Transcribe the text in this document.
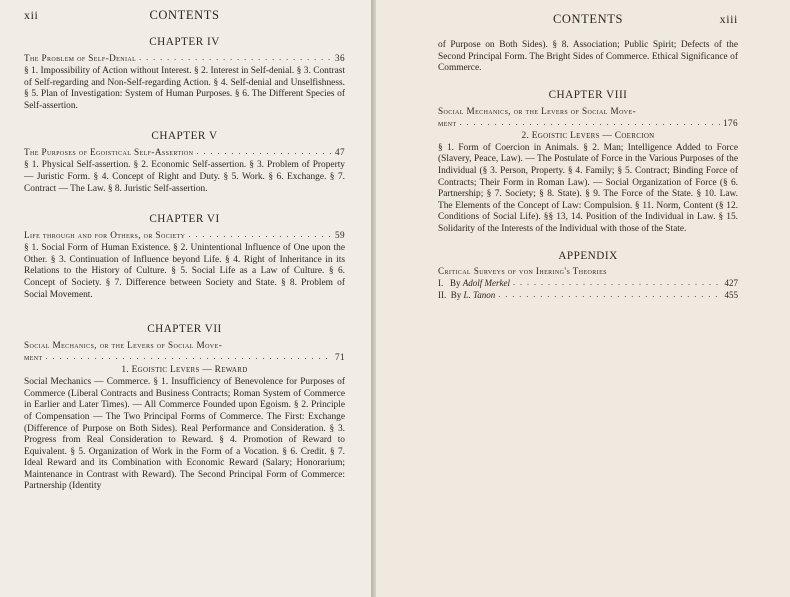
xii	CONTENTS
CHAPTER IV
The Problem of Self-Denial . . .	36
§ 1. Impossibility of Action without Interest. § 2. Interest in Self-denial. § 3. Contrast of Self-regarding and Non-Self-regarding Action. § 4. Self-denial and Unselfishness. § 5. Plan of Investigation: System of Human Purposes. § 6. The Different Species of Self-assertion.
CHAPTER V
The Purposes of Egoistical Self-Assertion . . .	47
§ 1. Physical Self-assertion. § 2. Economic Self-assertion. § 3. Problem of Property — Juristic Form. § 4. Concept of Right and Duty. § 5. Work. § 6. Exchange. § 7. Contract — The Law. § 8. Juristic Self-assertion.
CHAPTER VI
Life through and for Others, or Society . . .	59
§ 1. Social Form of Human Existence. § 2. Unintentional Influence of One upon the Other. § 3. Continuation of Influence beyond Life. § 4. Right of Inheritance in its Relations to the History of Culture. § 5. Social Life as a Law of Culture. § 6. Concept of Society. § 7. Difference between Society and State. § 8. Problem of Social Movement.
CHAPTER VII
Social Mechanics, or the Levers of Social Move-
ment . . .	71
1. Egoistic Levers — Reward
Social Mechanics — Commerce. § 1. Insufficiency of Benevolence for Purposes of Commerce (Liberal Contracts and Business Contracts; Roman System of Commerce in Earlier and Later Times). — All Commerce Founded upon Egoism. § 2. Principle of Compensation — The Two Principal Forms of Commerce. The First: Exchange (Difference of Purpose on Both Sides). Real Performance and Consideration. § 3. Progress from Real Consideration to Reward. § 4. Promotion of Reward to Equivalent. § 5. Organization of Work in the Form of a Vocation. § 6. Credit. § 7. Ideal Reward and its Combination with Economic Reward (Salary; Honorarium; Maintenance in Contrast with Reward). The Second Principal Form of Commerce: Partnership (Identity
CONTENTS	xiii
of Purpose on Both Sides). § 8. Association; Public Spirit; Defects of the Second Principal Form. The Bright Sides of Commerce. Ethical Significance of Commerce.
CHAPTER VIII
Social Mechanics, or the Levers of Social Move-
ment . . .	176
2. Egoistic Levers — Coercion
§ 1. Form of Coercion in Animals. § 2. Man; Intelligence Added to Force (Slavery, Peace, Law). — The Postulate of Force in the Various Purposes of the Individual (§ 3. Person, Property. § 4. Family; § 5. Contract; Binding Force of Contracts; Their Form in Roman Law). — Social Organization of Force (§ 6. Partnership; § 7. Society; § 8. State). § 9. The Force of the State. § 10. Law. The Elements of the Concept of Law: Compulsion. § 11. Norm, Content (§ 12. Conditions of Social Life). §§ 13, 14. Position of the Individual in Law. § 15. Solidarity of the Interests of the Individual with those of the State.
APPENDIX
Critical Surveys of von Ihering's Theories
I. By Adolf Merkel . . .	427
II. By L. Tanon . . .	455
